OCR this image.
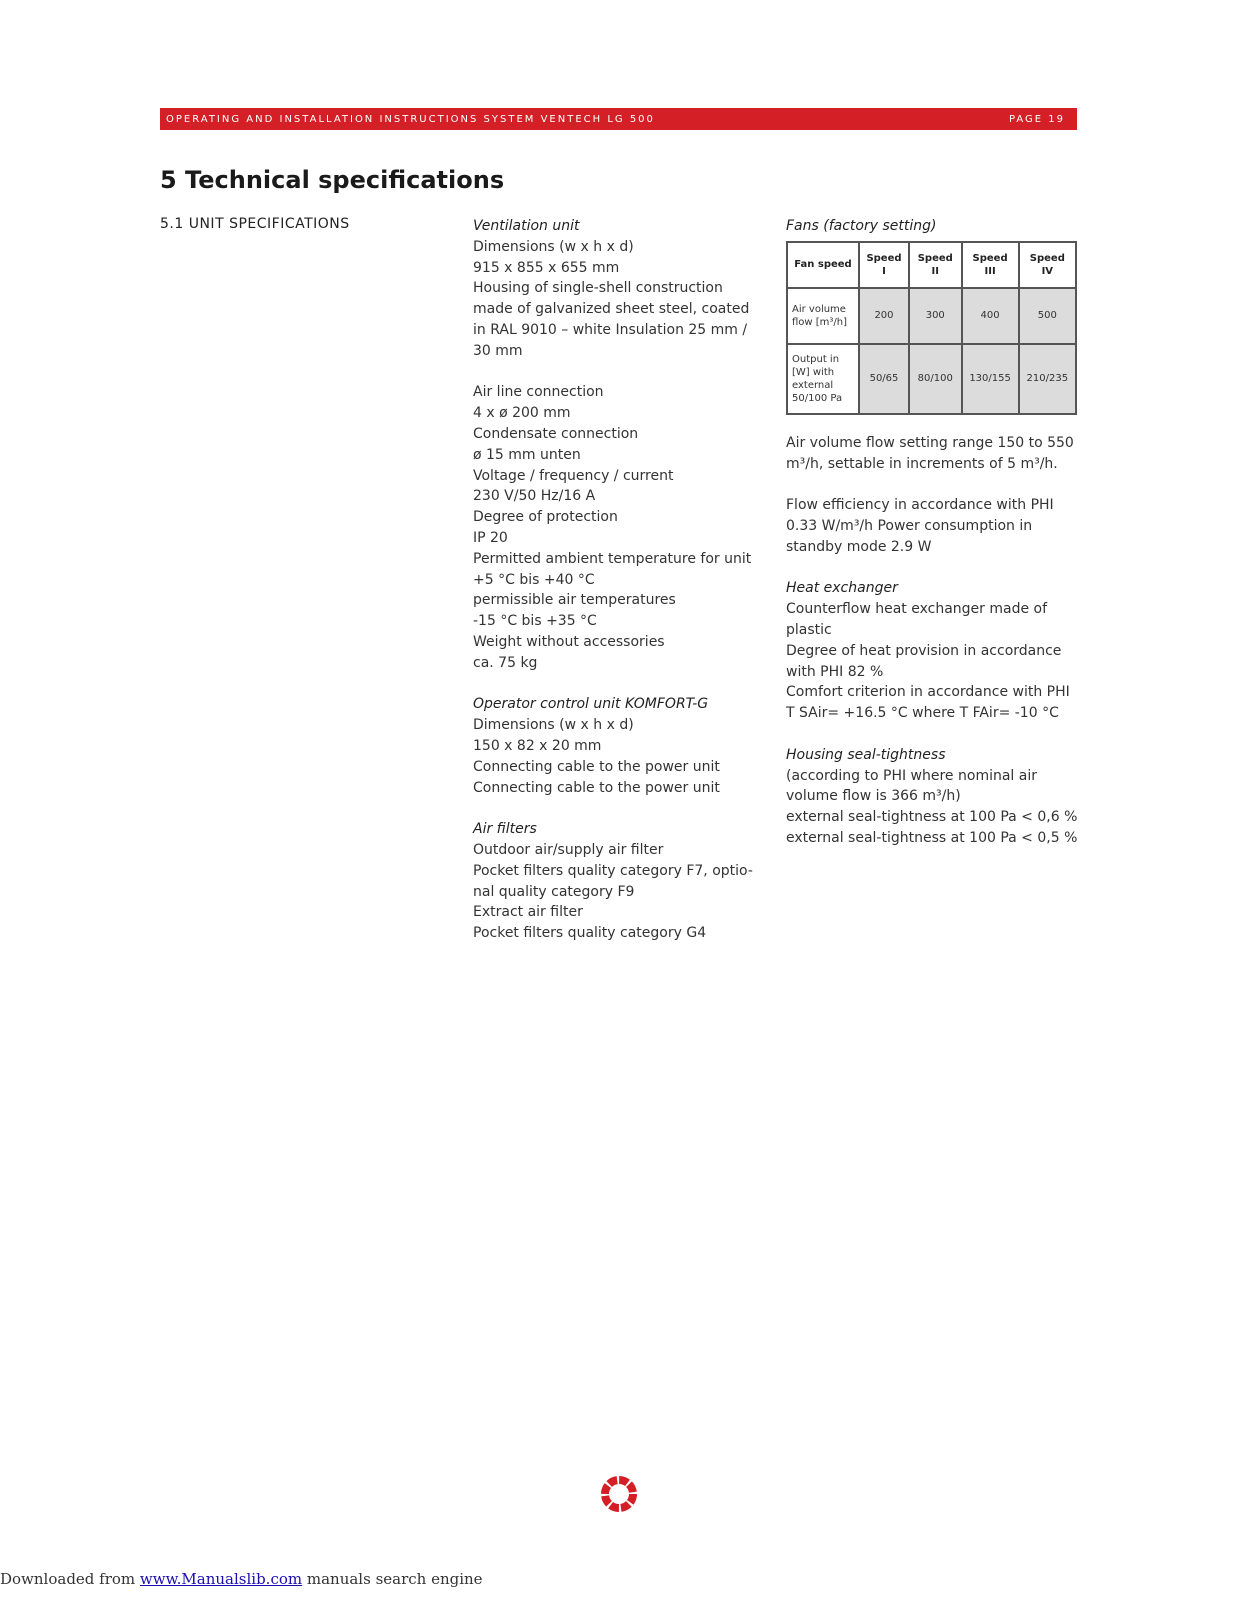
OPERATING AND INSTALLATION INSTRUCTIONS SYSTEM VENTECH LG 500	PAGE 19
5 Technical specifications
5.1 UNIT SPECIFICATIONS	Ventilation unit
Dimensions (w x h x d)
915 x 855 x 655 mm
Housing of single-shell construction made of galvanized sheet steel, coated in RAL 9010 – white Insulation 25 mm / 30 mm
Air line connection
4 x ø 200 mm
Condensate connection
ø 15 mm unten
Voltage / frequency / current
230 V/50 Hz/16 A
Degree of protection
IP 20
Permitted ambient temperature for unit
+5 °C bis +40 °C
permissible air temperatures
-15 °C bis +35 °C
Weight without accessories
ca. 75 kg
Operator control unit KOMFORT-G
Dimensions (w x h x d)
150 x 82 x 20 mm
Connecting cable to the power unit
Connecting cable to the power unit
Air filters
Outdoor air/supply air filter
Pocket filters quality category F7, optio-nal quality category F9
Extract air filter
Pocket filters quality category G4
Fans (factory setting)
Fan speed	Speed I	Speed II	Speed III	Speed IV
Air volume flow [m³/h]	200	300	400	500
Output in [W] with external 50/100 Pa	50/65	80/100	130/155	210/235
Air volume flow setting range 150 to 550 m³/h, settable in increments of 5 m³/h.
Flow efficiency in accordance with PHI 0.33 W/m³/h Power consumption in standby mode 2.9 W
Heat exchanger
Counterflow heat exchanger made of plastic
Degree of heat provision in accordance with PHI 82 %
Comfort criterion in accordance with PHI T SAir= +16.5 °C where T FAir= -10 °C
Housing seal-tightness
(according to PHI where nominal air volume flow is 366 m³/h)
external seal-tightness at 100 Pa < 0,6 %
external seal-tightness at 100 Pa < 0,5 %
Downloaded from www.Manualslib.com manuals search engine
